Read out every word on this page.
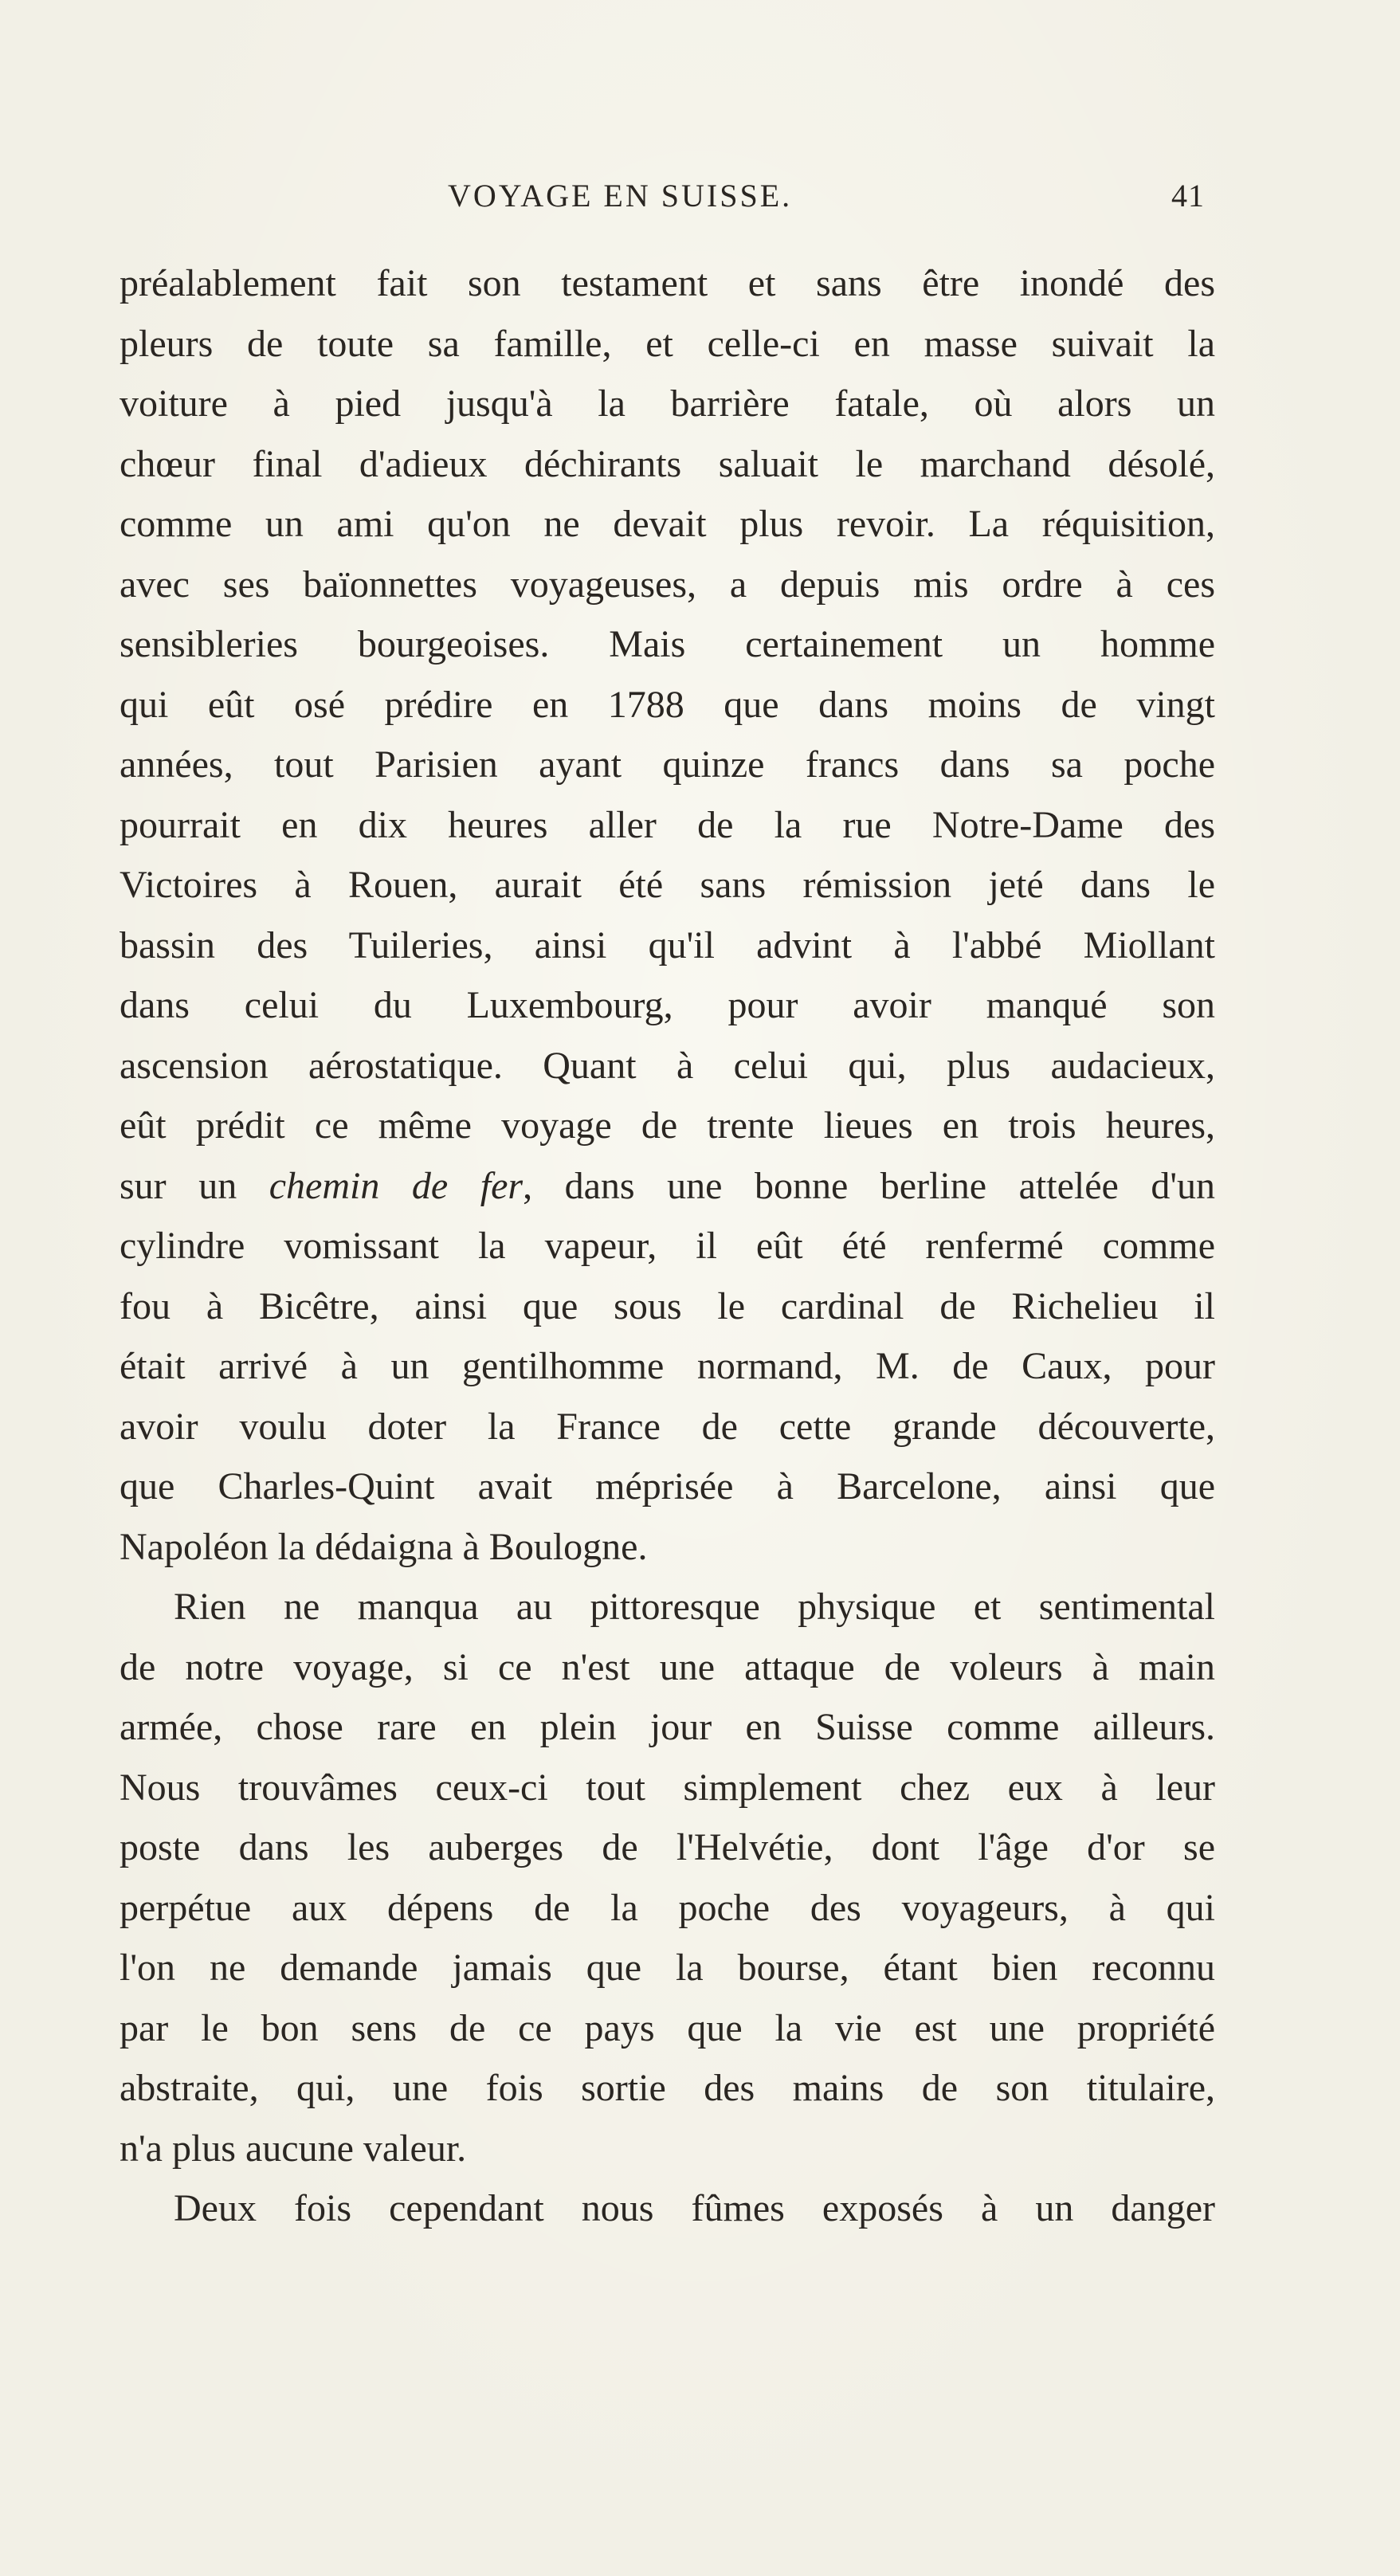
VOYAGE EN SUISSE.	41
préalablement fait son testament et sans être inondé des
pleurs de toute sa famille, et celle-ci en masse suivait la
voiture à pied jusqu'à la barrière fatale, où alors un
chœur final d'adieux déchirants saluait le marchand désolé,
comme un ami qu'on ne devait plus revoir. La réquisition,
avec ses baïonnettes voyageuses, a depuis mis ordre à ces
sensibleries bourgeoises. Mais certainement un homme
qui eût osé prédire en 1788 que dans moins de vingt
années, tout Parisien ayant quinze francs dans sa poche
pourrait en dix heures aller de la rue Notre-Dame des
Victoires à Rouen, aurait été sans rémission jeté dans le
bassin des Tuileries, ainsi qu'il advint à l'abbé Miollant
dans celui du Luxembourg, pour avoir manqué son
ascension aérostatique. Quant à celui qui, plus audacieux,
eût prédit ce même voyage de trente lieues en trois heures,
sur un chemin de fer, dans une bonne berline attelée d'un
cylindre vomissant la vapeur, il eût été renfermé comme
fou à Bicêtre, ainsi que sous le cardinal de Richelieu il
était arrivé à un gentilhomme normand, M. de Caux, pour
avoir voulu doter la France de cette grande découverte,
que Charles-Quint avait méprisée à Barcelone, ainsi que
Napoléon la dédaigna à Boulogne.
Rien ne manqua au pittoresque physique et sentimental
de notre voyage, si ce n'est une attaque de voleurs à main
armée, chose rare en plein jour en Suisse comme ailleurs.
Nous trouvâmes ceux-ci tout simplement chez eux à leur
poste dans les auberges de l'Helvétie, dont l'âge d'or se
perpétue aux dépens de la poche des voyageurs, à qui
l'on ne demande jamais que la bourse, étant bien reconnu
par le bon sens de ce pays que la vie est une propriété
abstraite, qui, une fois sortie des mains de son titulaire,
n'a plus aucune valeur.
Deux fois cependant nous fûmes exposés à un danger
